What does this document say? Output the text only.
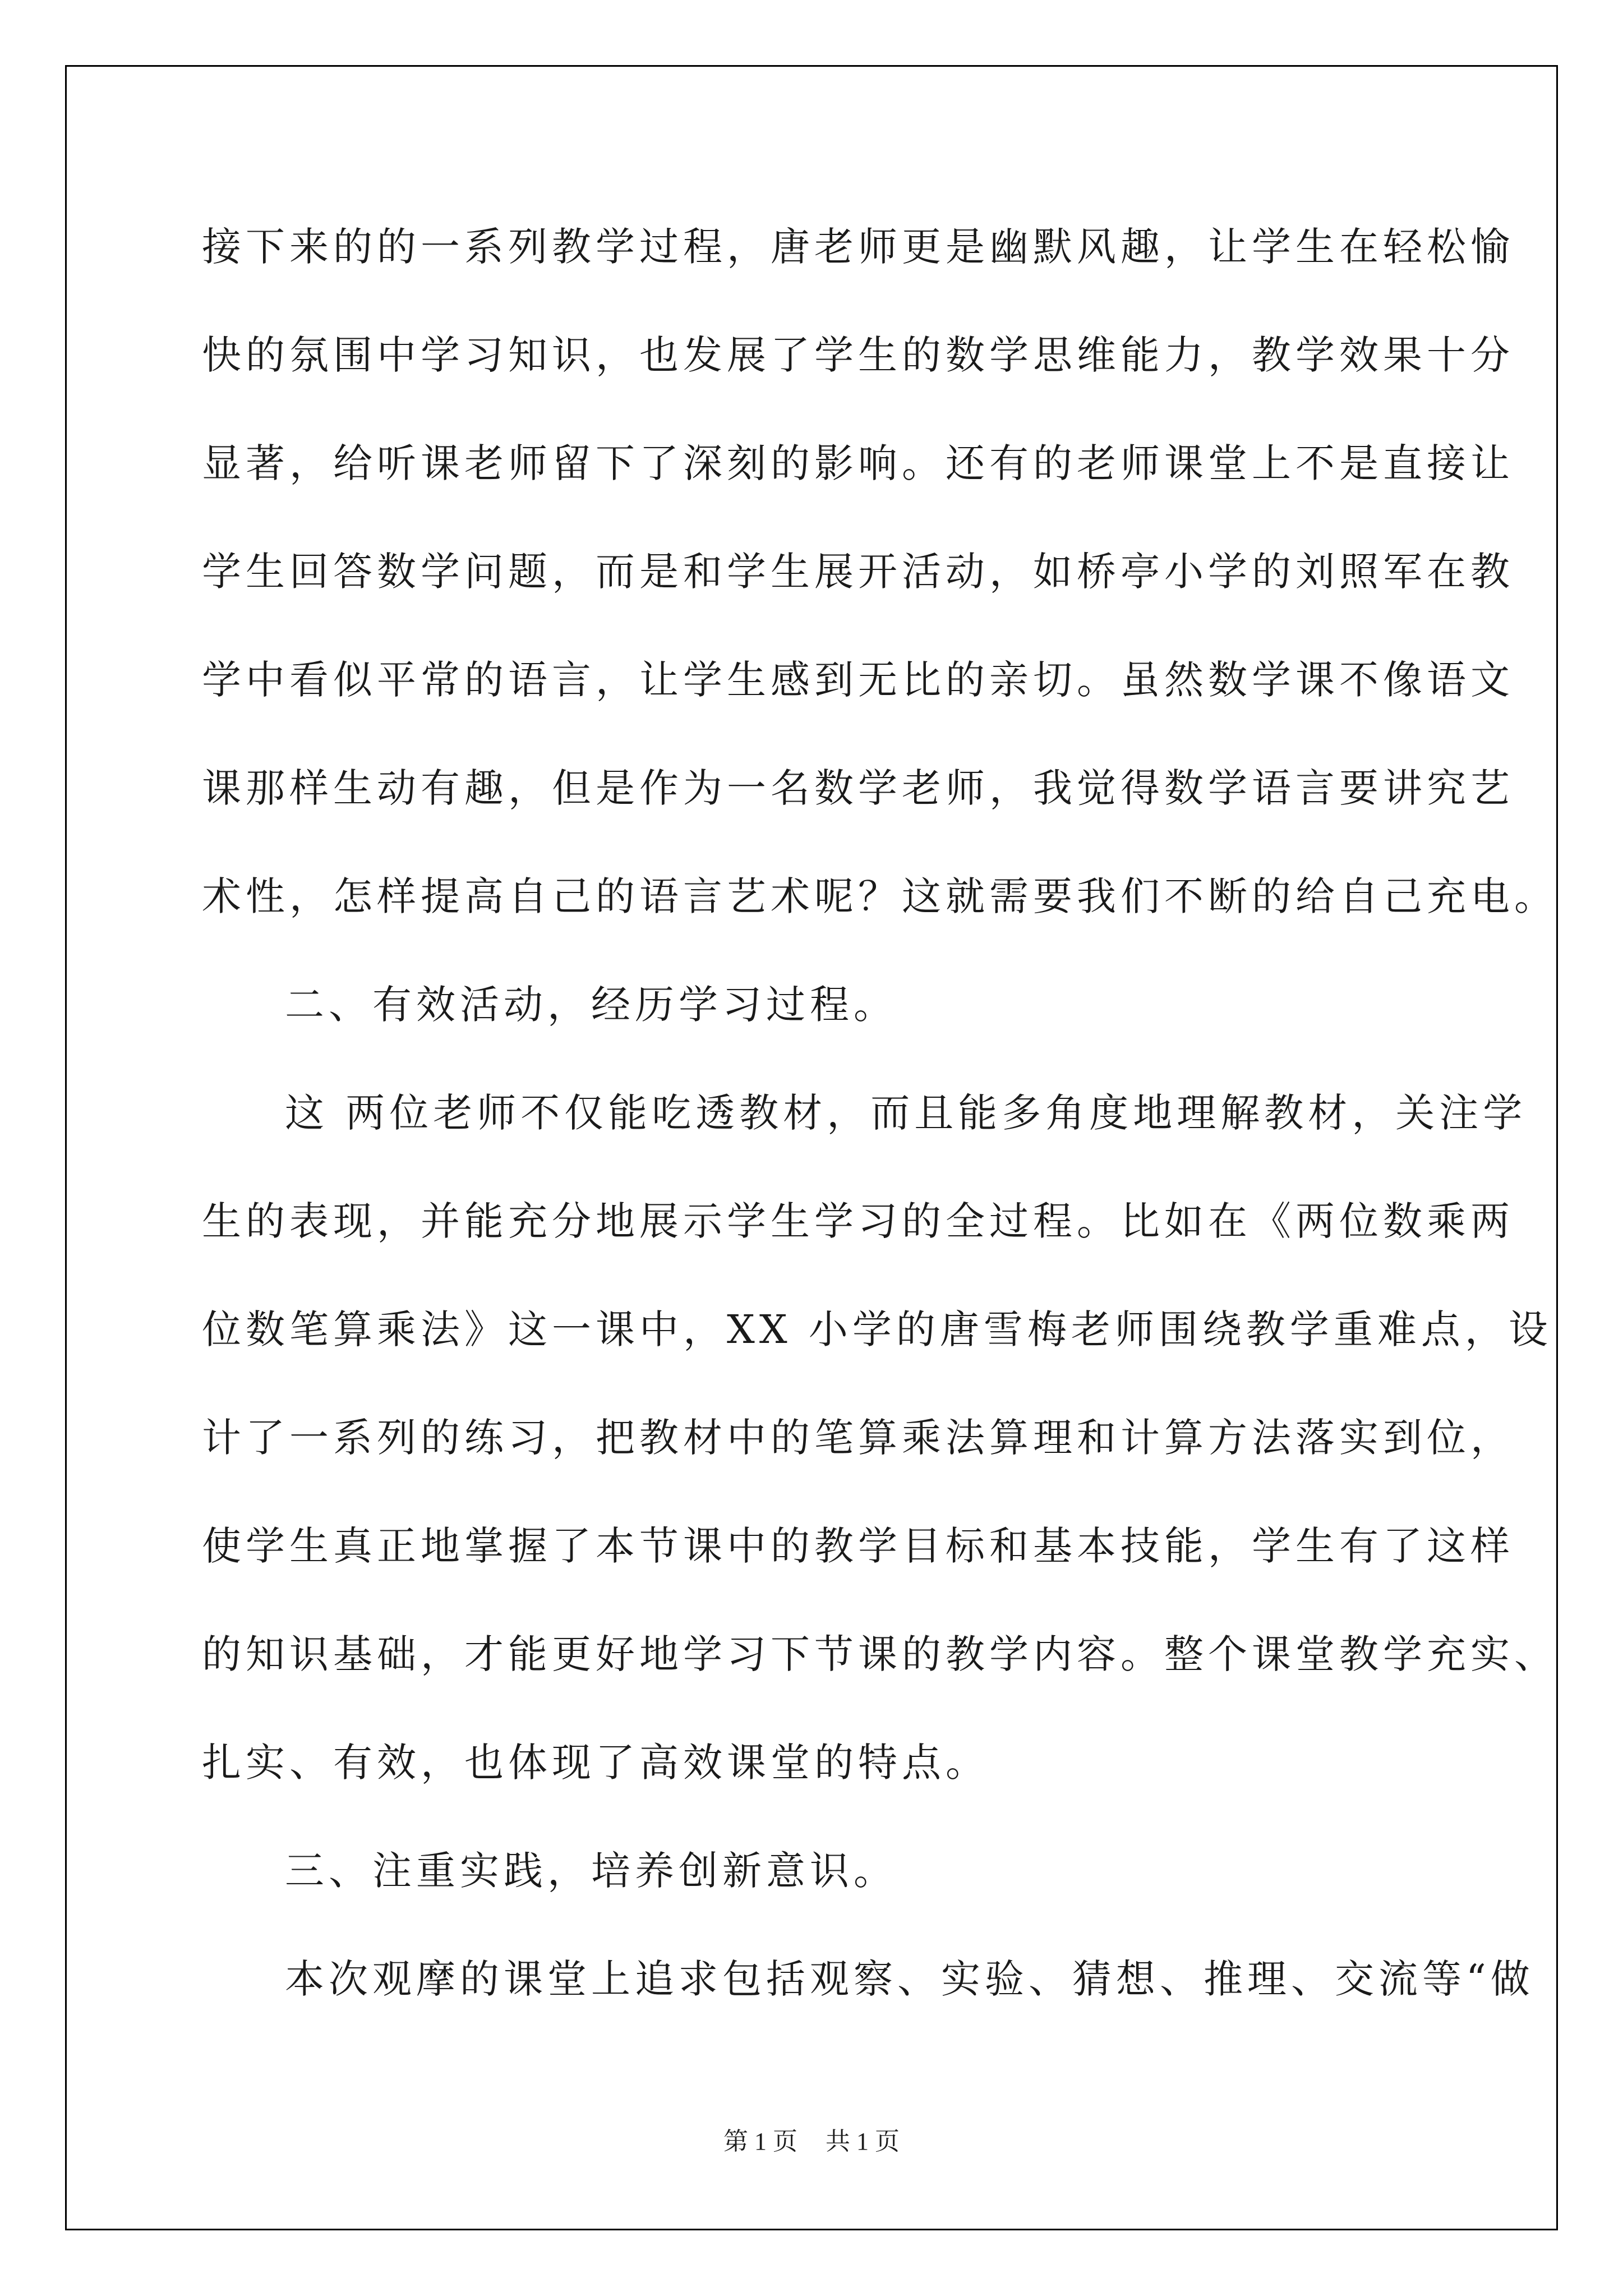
接下来的的一系列教学过程，唐老师更是幽默风趣，让学生在轻松愉
快的氛围中学习知识，也发展了学生的数学思维能力，教学效果十分
显著，给听课老师留下了深刻的影响。还有的老师课堂上不是直接让
学生回答数学问题，而是和学生展开活动，如桥亭小学的刘照军在教
学中看似平常的语言，让学生感到无比的亲切。虽然数学课不像语文
课那样生动有趣，但是作为一名数学老师，我觉得数学语言要讲究艺
术性，怎样提高自己的语言艺术呢？这就需要我们不断的给自己充电。
二、有效活动，经历学习过程。
这 两位老师不仅能吃透教材，而且能多角度地理解教材，关注学
生的表现，并能充分地展示学生学习的全过程。比如在《两位数乘两
位数笔算乘法》这一课中，XX 小学的唐雪梅老师围绕教学重难点，设
计了一系列的练习，把教材中的笔算乘法算理和计算方法落实到位，
使学生真正地掌握了本节课中的教学目标和基本技能，学生有了这样
的知识基础，才能更好地学习下节课的教学内容。整个课堂教学充实、
扎实、有效，也体现了高效课堂的特点。
三、注重实践，培养创新意识。
本次观摩的课堂上追求包括观察、实验、猜想、推理、交流等“做
第 1 页 共 1 页
